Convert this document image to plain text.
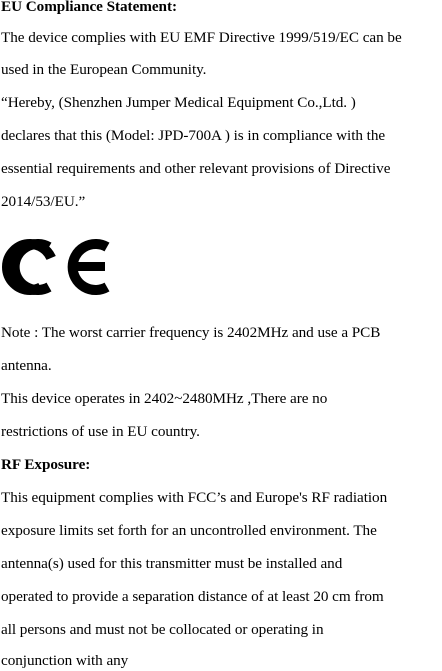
EU Compliance Statement:
The device complies with EU EMF Directive 1999/519/EC can be
used in the European Community.
“Hereby, (Shenzhen Jumper Medical Equipment Co.,Ltd. )
declares that this (Model: JPD-700A ) is in compliance with the
essential requirements and other relevant provisions of Directive
2014/53/EU.”
Note : The worst carrier frequency is 2402MHz and use a PCB
antenna.
This device operates in 2402~2480MHz ,There are no
restrictions of use in EU country.
RF Exposure:
This equipment complies with FCC’s and Europe's RF radiation
exposure limits set forth for an uncontrolled environment. The
antenna(s) used for this transmitter must be installed and
operated to provide a separation distance of at least 20 cm from
all persons and must not be collocated or operating in
conjunction with any
